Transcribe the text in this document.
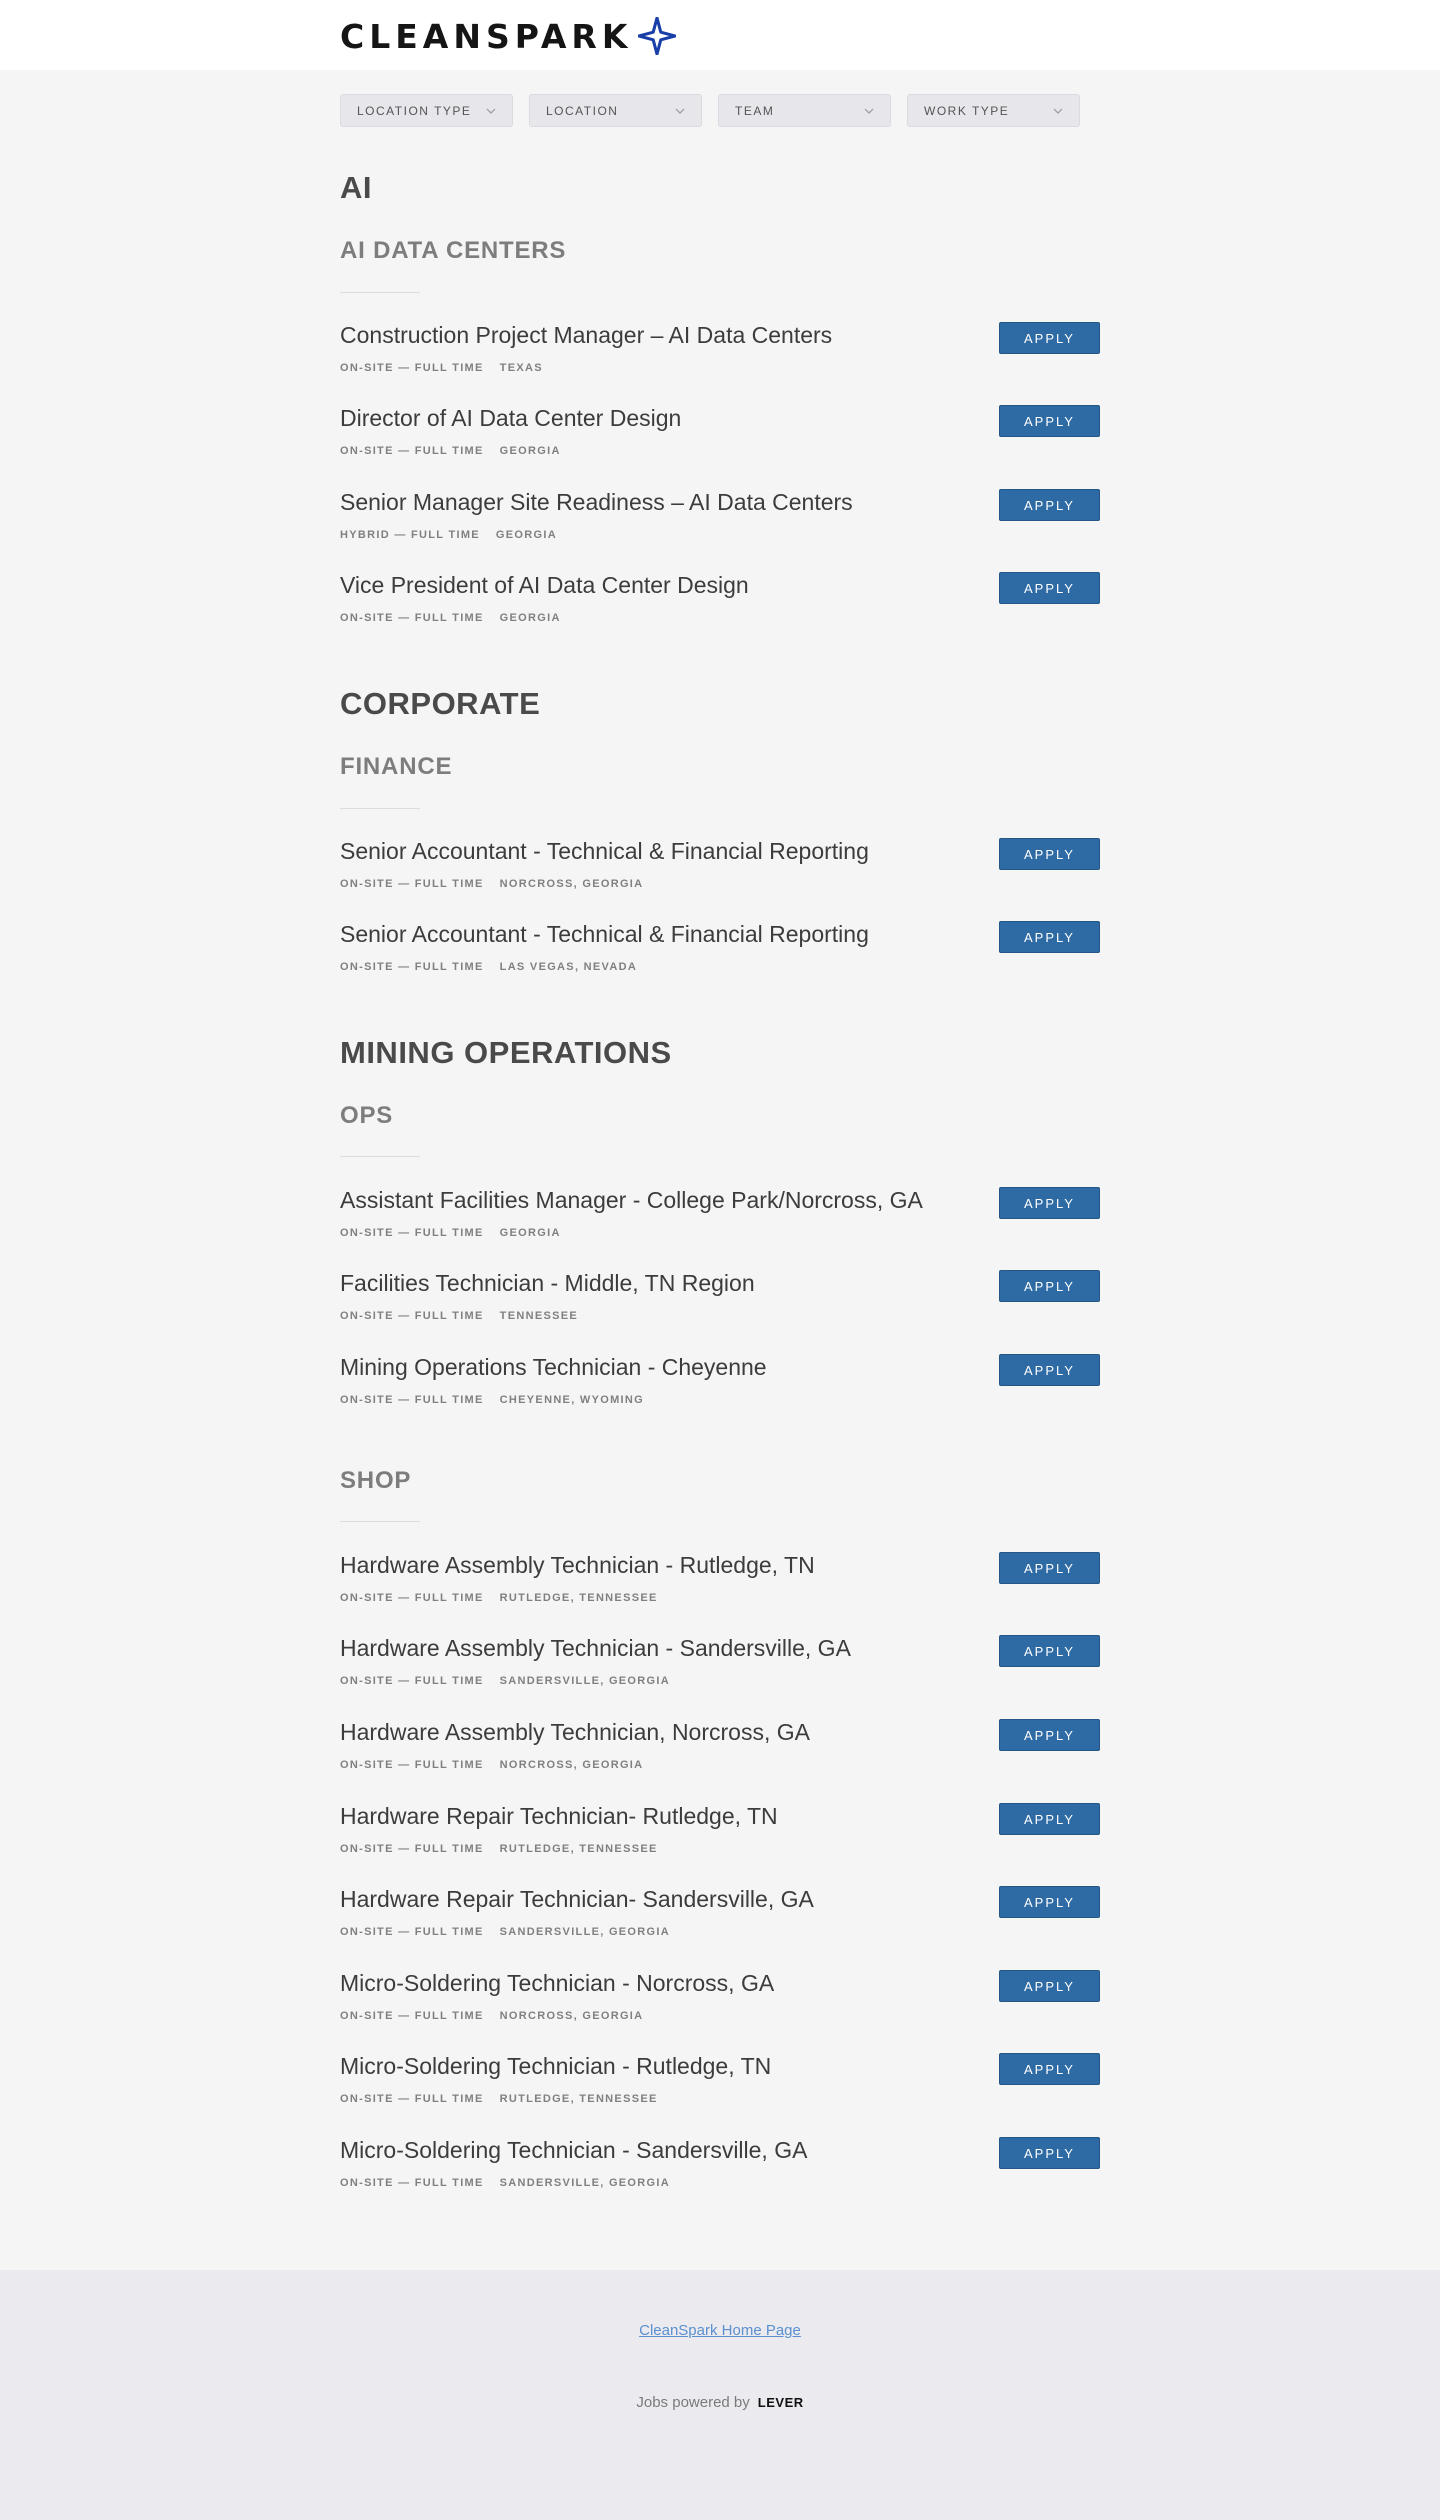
CLEANSPARK
LOCATION TYPE	LOCATION	TEAM	WORK TYPE
AI
AI DATA CENTERS
Construction Project Manager – AI Data Centers
ON-SITE — FULL TIME TEXAS
APPLY
Director of AI Data Center Design
ON-SITE — FULL TIME GEORGIA
APPLY
Senior Manager Site Readiness – AI Data Centers
HYBRID — FULL TIME GEORGIA
APPLY
Vice President of AI Data Center Design
ON-SITE — FULL TIME GEORGIA
APPLY
CORPORATE
FINANCE
Senior Accountant - Technical & Financial Reporting
ON-SITE — FULL TIME NORCROSS, GEORGIA
APPLY
Senior Accountant - Technical & Financial Reporting
ON-SITE — FULL TIME LAS VEGAS, NEVADA
APPLY
MINING OPERATIONS
OPS
Assistant Facilities Manager - College Park/Norcross, GA
ON-SITE — FULL TIME GEORGIA
APPLY
Facilities Technician - Middle, TN Region
ON-SITE — FULL TIME TENNESSEE
APPLY
Mining Operations Technician - Cheyenne
ON-SITE — FULL TIME CHEYENNE, WYOMING
APPLY
SHOP
Hardware Assembly Technician - Rutledge, TN
ON-SITE — FULL TIME RUTLEDGE, TENNESSEE
APPLY
Hardware Assembly Technician - Sandersville, GA
ON-SITE — FULL TIME SANDERSVILLE, GEORGIA
APPLY
Hardware Assembly Technician, Norcross, GA
ON-SITE — FULL TIME NORCROSS, GEORGIA
APPLY
Hardware Repair Technician- Rutledge, TN
ON-SITE — FULL TIME RUTLEDGE, TENNESSEE
APPLY
Hardware Repair Technician- Sandersville, GA
ON-SITE — FULL TIME SANDERSVILLE, GEORGIA
APPLY
Micro-Soldering Technician - Norcross, GA
ON-SITE — FULL TIME NORCROSS, GEORGIA
APPLY
Micro-Soldering Technician - Rutledge, TN
ON-SITE — FULL TIME RUTLEDGE, TENNESSEE
APPLY
Micro-Soldering Technician - Sandersville, GA
ON-SITE — FULL TIME SANDERSVILLE, GEORGIA
APPLY
CleanSpark Home Page
Jobs powered by LEVER
